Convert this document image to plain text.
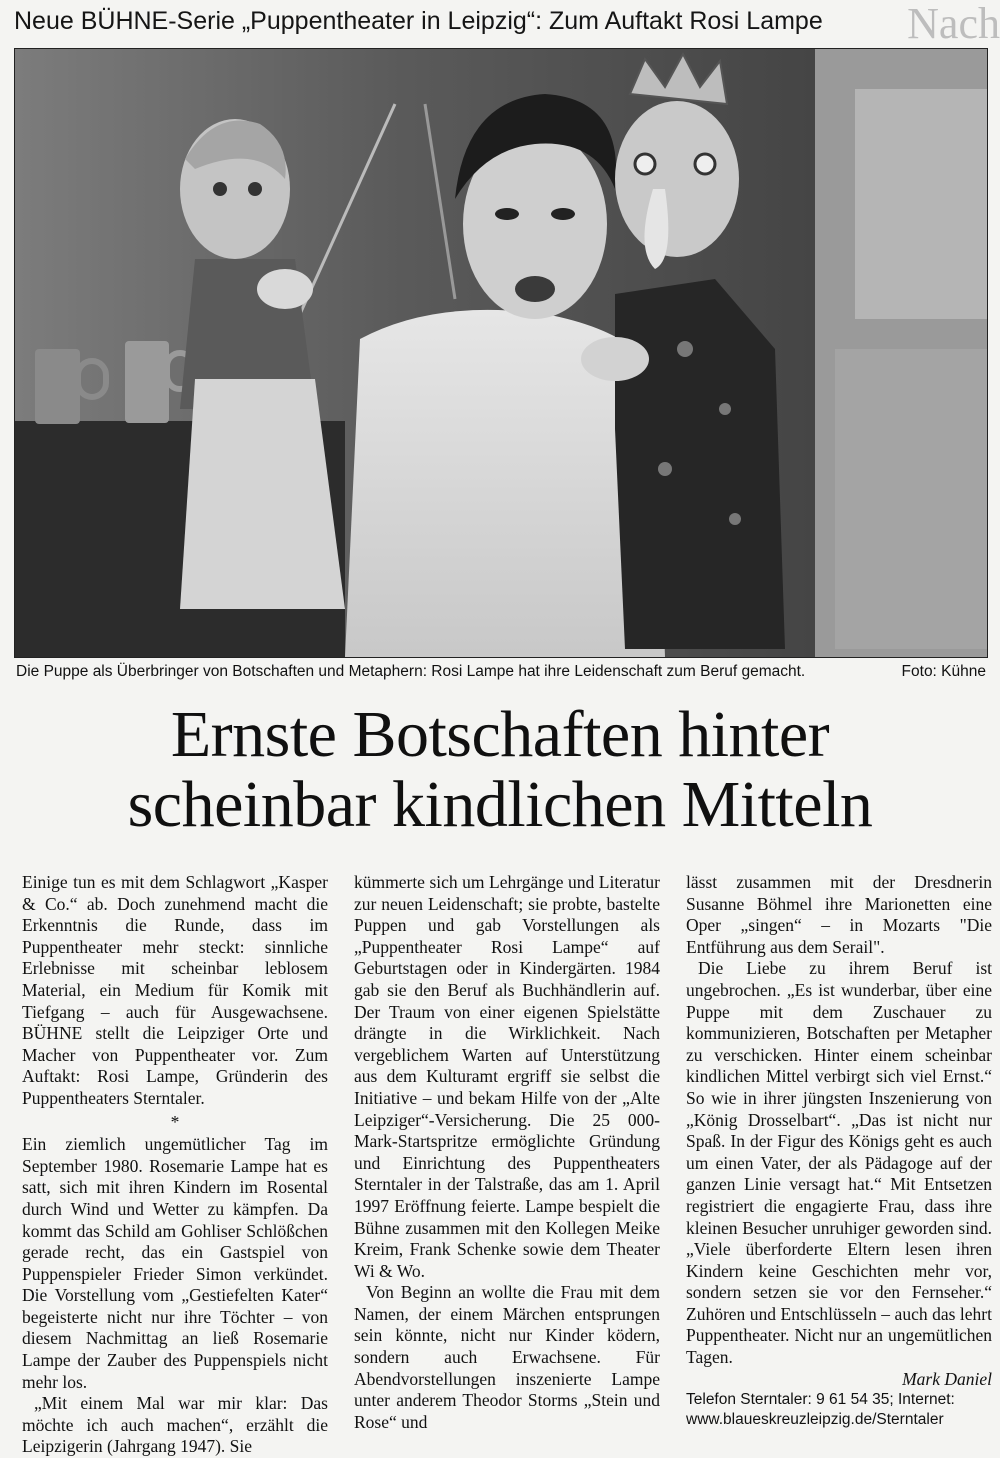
Nach
Neue BÜHNE-Serie „Puppentheater in Leipzig“: Zum Auftakt Rosi Lampe
Die Puppe als Überbringer von Botschaften und Metaphern: Rosi Lampe hat ihre Leidenschaft zum Beruf gemacht.	Foto: Kühne
Ernste Botschaften hinter
scheinbar kindlichen Mitteln

Einige tun es mit dem Schlagwort „Kasper & Co.“ ab. Doch zunehmend macht die Erkenntnis die Runde, dass im Puppentheater mehr steckt: sinnliche Erlebnisse mit scheinbar leblosem Material, ein Medium für Komik mit Tiefgang – auch für Ausgewachsene. BÜHNE stellt die Leipziger Orte und Macher von Puppentheater vor. Zum Auftakt: Rosi Lampe, Gründerin des Puppentheaters Sterntaler.

*

Ein ziemlich ungemütlicher Tag im September 1980. Rosemarie Lampe hat es satt, sich mit ihren Kindern im Rosental durch Wind und Wetter zu kämpfen. Da kommt das Schild am Gohliser Schlößchen gerade recht, das ein Gastspiel von Puppenspieler Frieder Simon verkündet. Die Vorstellung vom „Gestiefelten Kater“ begeisterte nicht nur ihre Töchter – von diesem Nachmittag an ließ Rosemarie Lampe der Zauber des Puppenspiels nicht mehr los.

„Mit einem Mal war mir klar: Das möchte ich auch machen“, erzählt die Leipzigerin (Jahrgang 1947). Sie

kümmerte sich um Lehrgänge und Literatur zur neuen Leidenschaft; sie probte, bastelte Puppen und gab Vorstellungen als „Puppentheater Rosi Lampe“ auf Geburtstagen oder in Kindergärten. 1984 gab sie den Beruf als Buchhändlerin auf. Der Traum von einer eigenen Spielstätte drängte in die Wirklichkeit. Nach vergeblichem Warten auf Unterstützung aus dem Kulturamt ergriff sie selbst die Initiative – und bekam Hilfe von der „Alte Leipziger“-Versicherung. Die 25 000-Mark-Startspritze ermöglichte Gründung und Einrichtung des Puppentheaters Sterntaler in der Talstraße, das am 1. April 1997 Eröffnung feierte. Lampe bespielt die Bühne zusammen mit den Kollegen Meike Kreim, Frank Schenke sowie dem Theater Wi & Wo.

Von Beginn an wollte die Frau mit dem Namen, der einem Märchen entsprungen sein könnte, nicht nur Kinder ködern, sondern auch Erwachsene. Für Abendvorstellungen inszenierte Lampe unter anderem Theodor Storms „Stein und Rose“ und

lässt zusammen mit der Dresdnerin Susanne Böhmel ihre Marionetten eine Oper „singen“ – in Mozarts "Die Entführung aus dem Serail".

Die Liebe zu ihrem Beruf ist ungebrochen. „Es ist wunderbar, über eine Puppe mit dem Zuschauer zu kommunizieren, Botschaften per Metapher zu verschicken. Hinter einem scheinbar kindlichen Mittel verbirgt sich viel Ernst.“ So wie in ihrer jüngsten Inszenierung von „König Drosselbart“. „Das ist nicht nur Spaß. In der Figur des Königs geht es auch um einen Vater, der als Pädagoge auf der ganzen Linie versagt hat.“ Mit Entsetzen registriert die engagierte Frau, dass ihre kleinen Besucher unruhiger geworden sind. „Viele überforderte Eltern lesen ihren Kindern keine Geschichten mehr vor, sondern setzen sie vor den Fernseher.“ Zuhören und Entschlüsseln – auch das lehrt Puppentheater. Nicht nur an ungemütlichen Tagen.

Mark Daniel

Telefon Sterntaler: 9 61 54 35; Internet: www.blaueskreuzleipzig.de/Sterntaler
